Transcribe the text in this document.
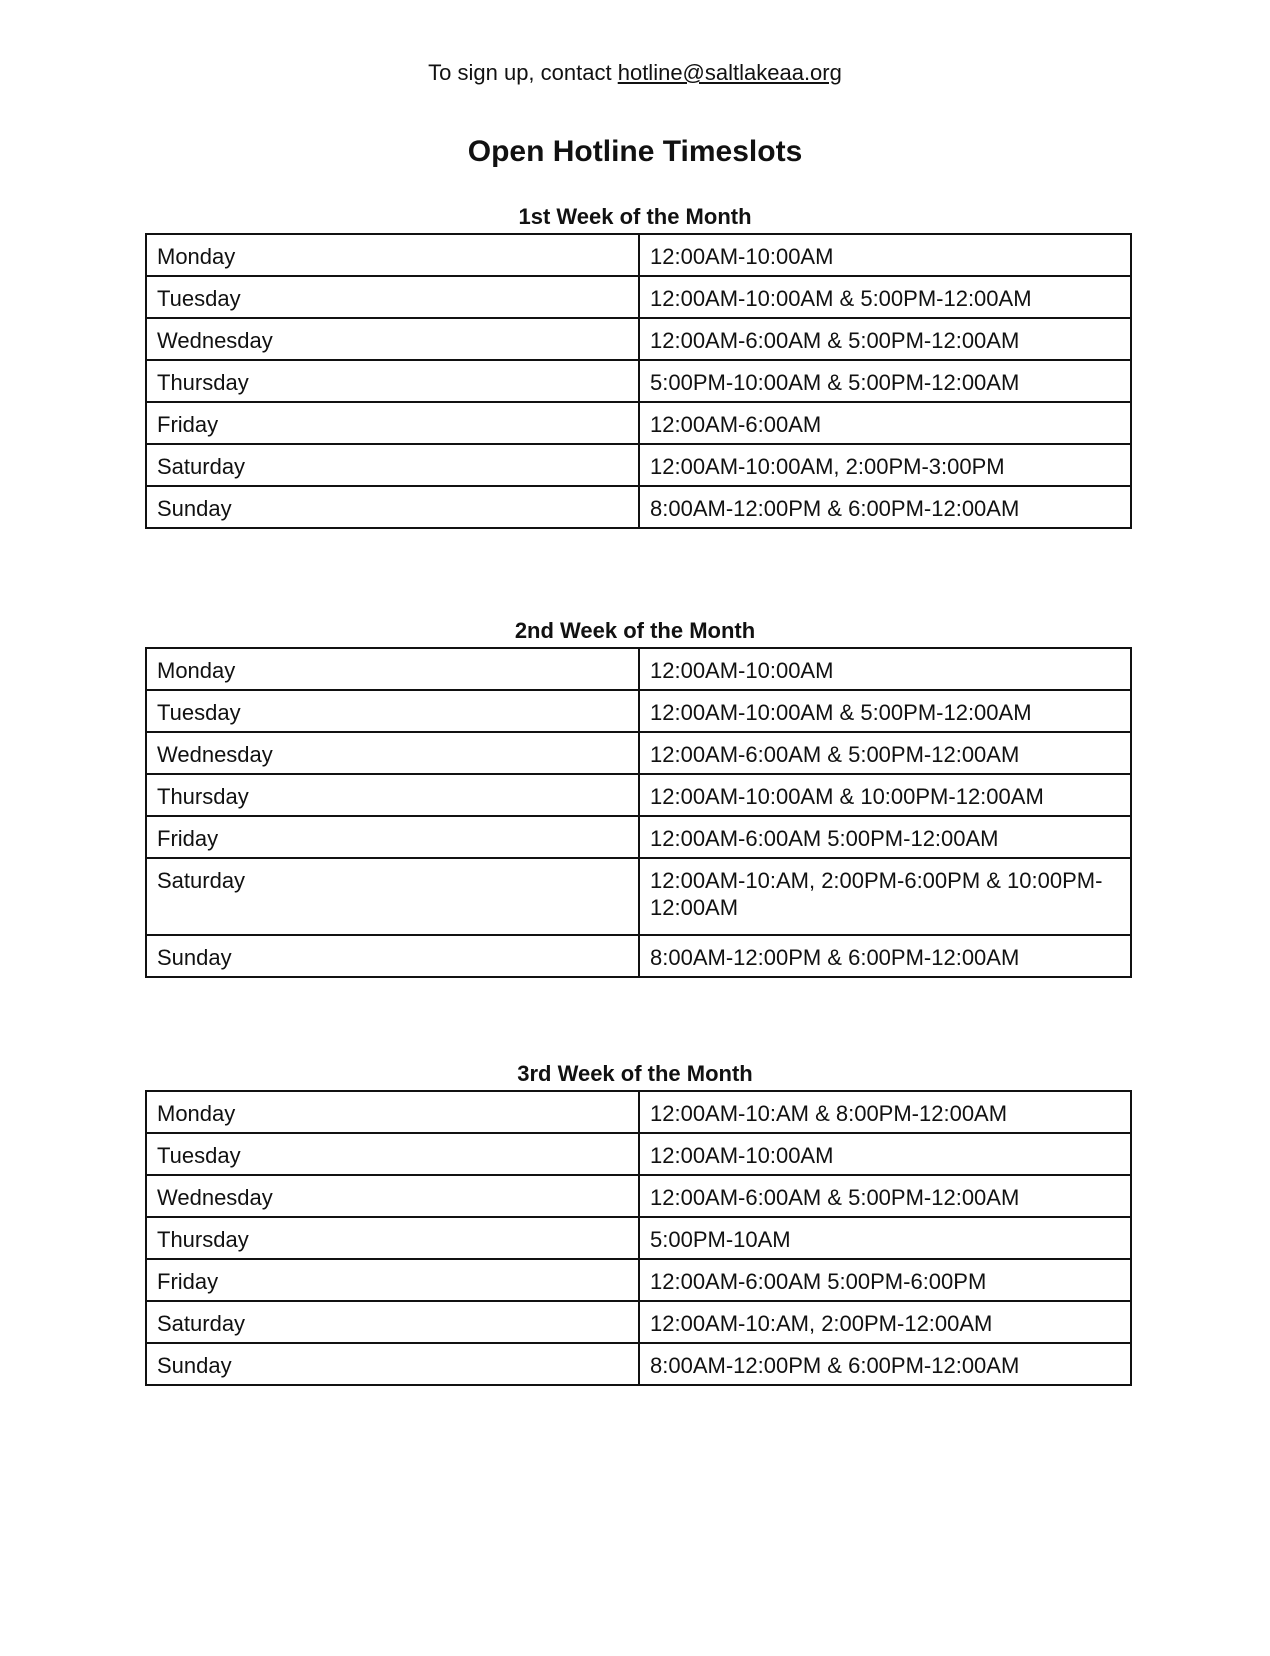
To sign up, contact hotline@saltlakeaa.org
Open Hotline Timeslots
1st Week of the Month
Monday	12:00AM-10:00AM
Tuesday	12:00AM-10:00AM & 5:00PM-12:00AM
Wednesday	12:00AM-6:00AM & 5:00PM-12:00AM
Thursday	5:00PM-10:00AM & 5:00PM-12:00AM
Friday	12:00AM-6:00AM
Saturday	12:00AM-10:00AM, 2:00PM-3:00PM
Sunday	8:00AM-12:00PM & 6:00PM-12:00AM
2nd Week of the Month
Monday	12:00AM-10:00AM
Tuesday	12:00AM-10:00AM & 5:00PM-12:00AM
Wednesday	12:00AM-6:00AM & 5:00PM-12:00AM
Thursday	12:00AM-10:00AM & 10:00PM-12:00AM
Friday	12:00AM-6:00AM 5:00PM-12:00AM
Saturday	12:00AM-10:AM, 2:00PM-6:00PM & 10:00PM-12:00AM
Sunday	8:00AM-12:00PM & 6:00PM-12:00AM
3rd Week of the Month
Monday	12:00AM-10:AM & 8:00PM-12:00AM
Tuesday	12:00AM-10:00AM
Wednesday	12:00AM-6:00AM & 5:00PM-12:00AM
Thursday	5:00PM-10AM
Friday	12:00AM-6:00AM 5:00PM-6:00PM
Saturday	12:00AM-10:AM, 2:00PM-12:00AM
Sunday	8:00AM-12:00PM & 6:00PM-12:00AM
